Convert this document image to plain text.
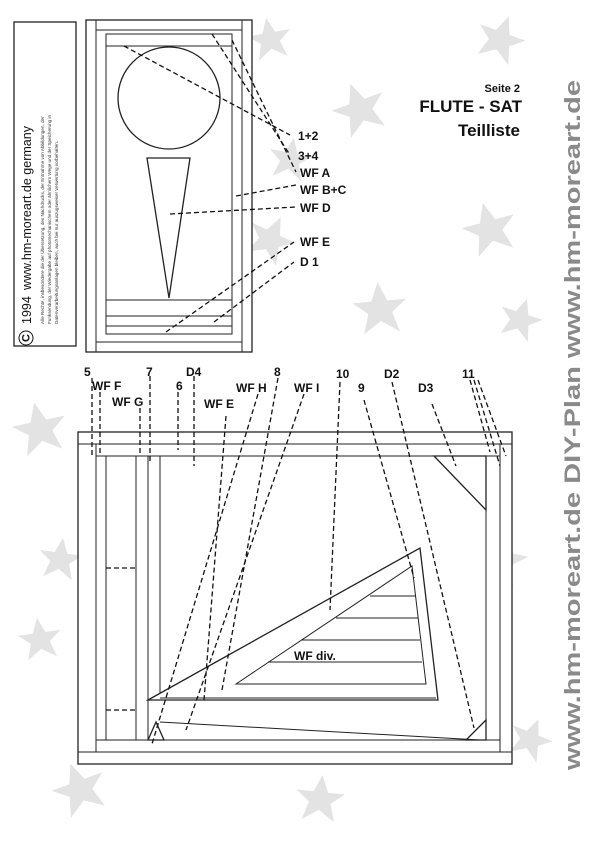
C
1994
www.hm-moreart.de germany Alle Rechte, insbesondere die der Übersetzung, des Nachdrucks, der Entnahme von Abbildungen, der Funksendung, der Wiedergabe auf photomechanischem oder ähnlichem Wege und der Speicherung in Datenverarbeitungsanlagen bleiben, auch bei nur auszugsweiser Verwertung vorbehalten.
Seite 2
FLUTE - SAT
Teilliste
www.hm-moreart.de DIY-Plan www.hm-moreart.de
1+2
3+4
WF A
WF B+C
WF D
WF E
D 1
5	7	D4	8	10	D2	11
WF F
WF G
6
WF E
WF H WF I	9	D3
WF div.
